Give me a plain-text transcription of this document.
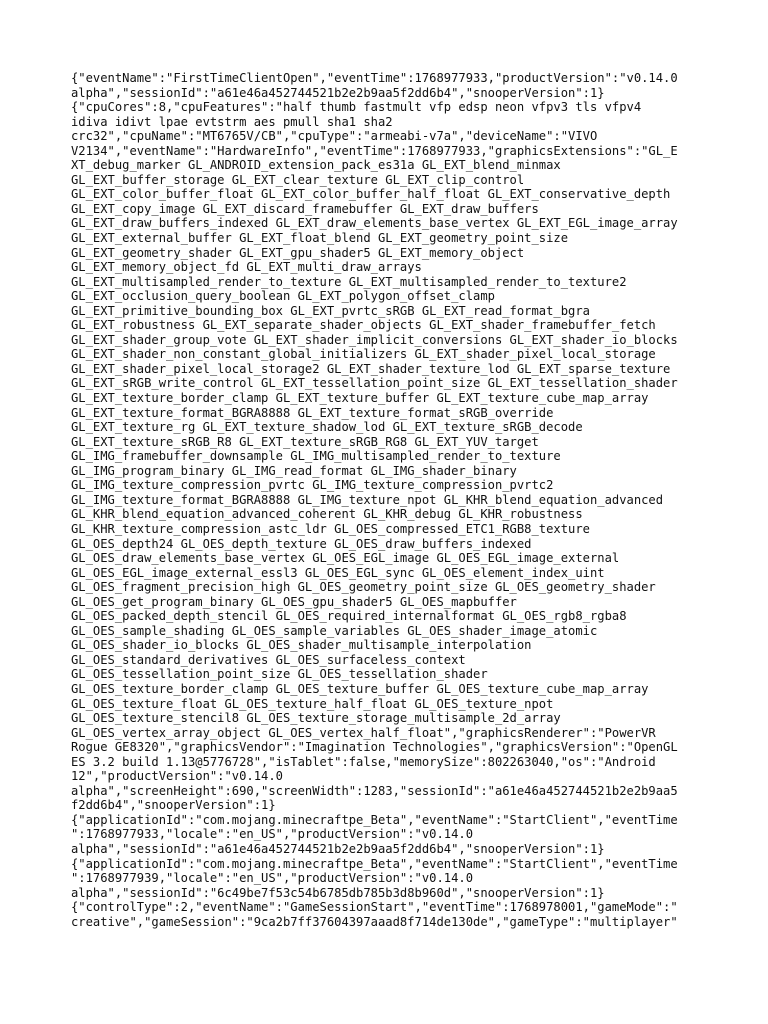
{"eventName":"FirstTimeClientOpen","eventTime":1768977933,"productVersion":"v0.14.0
alpha","sessionId":"a61e46a452744521b2e2b9aa5f2dd6b4","snooperVersion":1}
{"cpuCores":8,"cpuFeatures":"half thumb fastmult vfp edsp neon vfpv3 tls vfpv4
idiva idivt lpae evtstrm aes pmull sha1 sha2
crc32","cpuName":"MT6765V/CB","cpuType":"armeabi-v7a","deviceName":"VIVO
V2134","eventName":"HardwareInfo","eventTime":1768977933,"graphicsExtensions":"GL_E
XT_debug_marker GL_ANDROID_extension_pack_es31a GL_EXT_blend_minmax
GL_EXT_buffer_storage GL_EXT_clear_texture GL_EXT_clip_control
GL_EXT_color_buffer_float GL_EXT_color_buffer_half_float GL_EXT_conservative_depth
GL_EXT_copy_image GL_EXT_discard_framebuffer GL_EXT_draw_buffers
GL_EXT_draw_buffers_indexed GL_EXT_draw_elements_base_vertex GL_EXT_EGL_image_array
GL_EXT_external_buffer GL_EXT_float_blend GL_EXT_geometry_point_size
GL_EXT_geometry_shader GL_EXT_gpu_shader5 GL_EXT_memory_object
GL_EXT_memory_object_fd GL_EXT_multi_draw_arrays
GL_EXT_multisampled_render_to_texture GL_EXT_multisampled_render_to_texture2
GL_EXT_occlusion_query_boolean GL_EXT_polygon_offset_clamp
GL_EXT_primitive_bounding_box GL_EXT_pvrtc_sRGB GL_EXT_read_format_bgra
GL_EXT_robustness GL_EXT_separate_shader_objects GL_EXT_shader_framebuffer_fetch
GL_EXT_shader_group_vote GL_EXT_shader_implicit_conversions GL_EXT_shader_io_blocks
GL_EXT_shader_non_constant_global_initializers GL_EXT_shader_pixel_local_storage
GL_EXT_shader_pixel_local_storage2 GL_EXT_shader_texture_lod GL_EXT_sparse_texture
GL_EXT_sRGB_write_control GL_EXT_tessellation_point_size GL_EXT_tessellation_shader
GL_EXT_texture_border_clamp GL_EXT_texture_buffer GL_EXT_texture_cube_map_array
GL_EXT_texture_format_BGRA8888 GL_EXT_texture_format_sRGB_override
GL_EXT_texture_rg GL_EXT_texture_shadow_lod GL_EXT_texture_sRGB_decode
GL_EXT_texture_sRGB_R8 GL_EXT_texture_sRGB_RG8 GL_EXT_YUV_target
GL_IMG_framebuffer_downsample GL_IMG_multisampled_render_to_texture
GL_IMG_program_binary GL_IMG_read_format GL_IMG_shader_binary
GL_IMG_texture_compression_pvrtc GL_IMG_texture_compression_pvrtc2
GL_IMG_texture_format_BGRA8888 GL_IMG_texture_npot GL_KHR_blend_equation_advanced
GL_KHR_blend_equation_advanced_coherent GL_KHR_debug GL_KHR_robustness
GL_KHR_texture_compression_astc_ldr GL_OES_compressed_ETC1_RGB8_texture
GL_OES_depth24 GL_OES_depth_texture GL_OES_draw_buffers_indexed
GL_OES_draw_elements_base_vertex GL_OES_EGL_image GL_OES_EGL_image_external
GL_OES_EGL_image_external_essl3 GL_OES_EGL_sync GL_OES_element_index_uint
GL_OES_fragment_precision_high GL_OES_geometry_point_size GL_OES_geometry_shader
GL_OES_get_program_binary GL_OES_gpu_shader5 GL_OES_mapbuffer
GL_OES_packed_depth_stencil GL_OES_required_internalformat GL_OES_rgb8_rgba8
GL_OES_sample_shading GL_OES_sample_variables GL_OES_shader_image_atomic
GL_OES_shader_io_blocks GL_OES_shader_multisample_interpolation
GL_OES_standard_derivatives GL_OES_surfaceless_context
GL_OES_tessellation_point_size GL_OES_tessellation_shader
GL_OES_texture_border_clamp GL_OES_texture_buffer GL_OES_texture_cube_map_array
GL_OES_texture_float GL_OES_texture_half_float GL_OES_texture_npot
GL_OES_texture_stencil8 GL_OES_texture_storage_multisample_2d_array
GL_OES_vertex_array_object GL_OES_vertex_half_float","graphicsRenderer":"PowerVR
Rogue GE8320","graphicsVendor":"Imagination Technologies","graphicsVersion":"OpenGL
ES 3.2 build 1.13@5776728","isTablet":false,"memorySize":802263040,"os":"Android
12","productVersion":"v0.14.0
alpha","screenHeight":690,"screenWidth":1283,"sessionId":"a61e46a452744521b2e2b9aa5
f2dd6b4","snooperVersion":1}
{"applicationId":"com.mojang.minecraftpe_Beta","eventName":"StartClient","eventTime
":1768977933,"locale":"en_US","productVersion":"v0.14.0
alpha","sessionId":"a61e46a452744521b2e2b9aa5f2dd6b4","snooperVersion":1}
{"applicationId":"com.mojang.minecraftpe_Beta","eventName":"StartClient","eventTime
":1768977939,"locale":"en_US","productVersion":"v0.14.0
alpha","sessionId":"6c49be7f53c54b6785db785b3d8b960d","snooperVersion":1}
{"controlType":2,"eventName":"GameSessionStart","eventTime":1768978001,"gameMode":"
creative","gameSession":"9ca2b7ff37604397aaad8f714de130de","gameType":"multiplayer"
